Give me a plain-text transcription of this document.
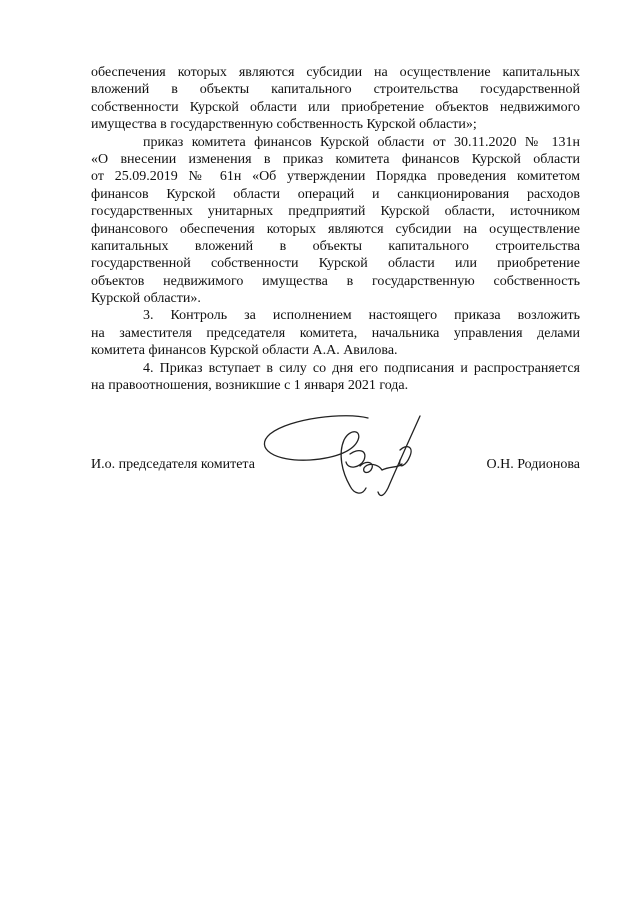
обеспечения которых являются субсидии на осуществление капитальных
вложений в объекты капитального строительства государственной
собственности Курской области или приобретение объектов недвижимого
имущества в государственную собственность Курской области»;

приказ комитета финансов Курской области от 30.11.2020 № 131н
«О внесении изменения в приказ комитета финансов Курской области
от 25.09.2019 № 61н «Об утверждении Порядка проведения комитетом
финансов Курской области операций и санкционирования расходов
государственных унитарных предприятий Курской области, источником
финансового обеспечения которых являются субсидии на осуществление
капитальных вложений в объекты капитального строительства
государственной собственности Курской области или приобретение
объектов недвижимого имущества в государственную собственность
Курской области».

3. Контроль за исполнением настоящего приказа возложить
на заместителя председателя комитета, начальника управления делами
комитета финансов Курской области А.А. Авилова.

4. Приказ вступает в силу со дня его подписания и распространяется
на правоотношения, возникшие с 1 января 2021 года.

И.о. председателя комитета	О.Н. Родионова
